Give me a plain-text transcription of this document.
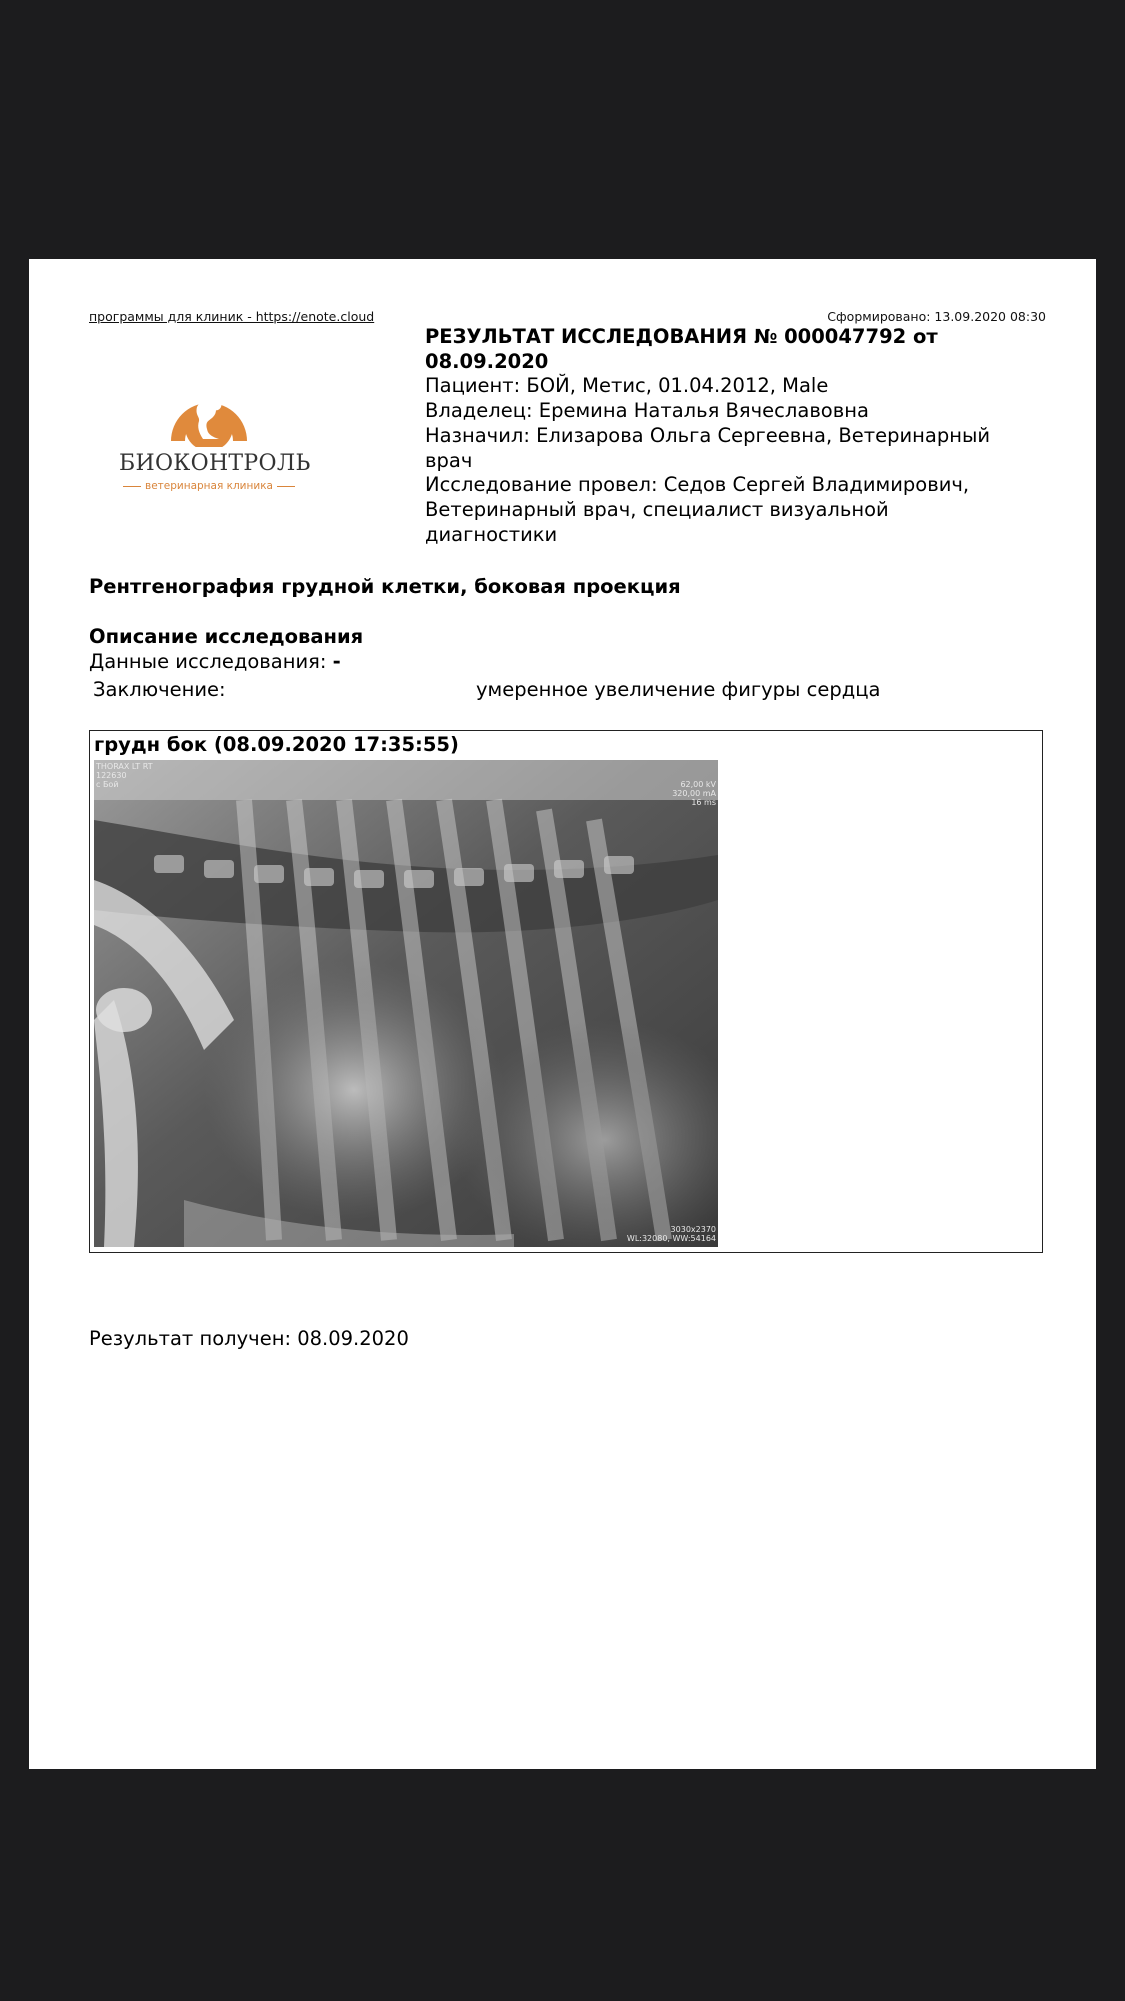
программы для клиник - https://enote.cloud	Сформировано: 13.09.2020 08:30
БИОКОНТРОЛЬ
ветеринарная клиника
РЕЗУЛЬТАТ ИССЛЕДОВАНИЯ № 000047792 от
08.09.2020
Пациент: БОЙ, Метис, 01.04.2012, Male
Владелец: Еремина Наталья Вячеславовна
Назначил: Елизарова Ольга Сергеевна, Ветеринарный
врач
Исследование провел: Седов Сергей Владимирович,
Ветеринарный врач, специалист визуальной
диагностики
Рентгенография грудной клетки, боковая проекция
Описание исследования
Данные исследования: -
Заключение:	умеренное увеличение фигуры сердца
грудн бок (08.09.2020 17:35:55)
THORAX LT RT
122630
с Бой	62,00 kV
320,00 mA
16 ms
3030x2370
WL:32080, WW:54164
Результат получен: 08.09.2020
